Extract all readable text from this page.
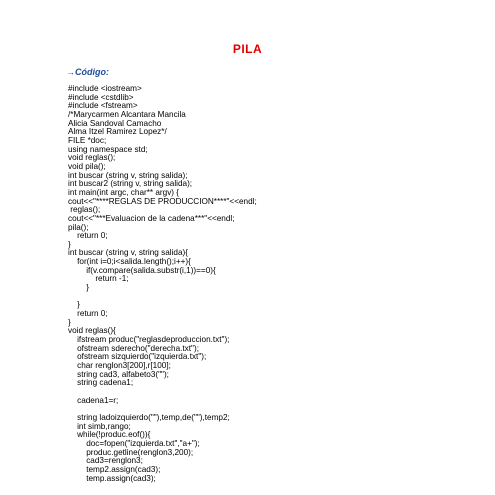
PILA
→Código:
#include <iostream>
#include <cstdlib>
#include <fstream>
/*Marycarmen Alcantara Mancila
Alicia Sandoval Camacho
Alma Itzel Ramirez Lopez*/
FILE *doc;
using namespace std;
void reglas();
void pila();
int buscar (string v, string salida);
int buscar2 (string v, string salida);
int main(int argc, char** argv) {
cout<<"****REGLAS DE PRODUCCION****"<<endl;
reglas();
cout<<"***Evaluacion de la cadena***"<<endl;
pila();
	return 0;
}
int buscar (string v, string salida){
	for(int i=0;i<salida.length();i++){
		if(v.compare(salida.substr(i,1))==0){
			return -1;
		}

	}
	return 0;
}
void reglas(){
	ifstream produc("reglasdeproduccion.txt");
	ofstream sderecho("derecha.txt");
	ofstream sizquierdo("izquierda.txt");
	char renglon3[200],r[100];
	string cad3, alfabeto3("");
	string cadena1;

	cadena1=r;

	string ladoizquierdo(""),temp,de(""),temp2;
	int simb,rango;
	while(!produc.eof()){
		doc=fopen("izquierda.txt","a+");
		produc.getline(renglon3,200);
		cad3=renglon3;
		temp2.assign(cad3);
		temp.assign(cad3);
